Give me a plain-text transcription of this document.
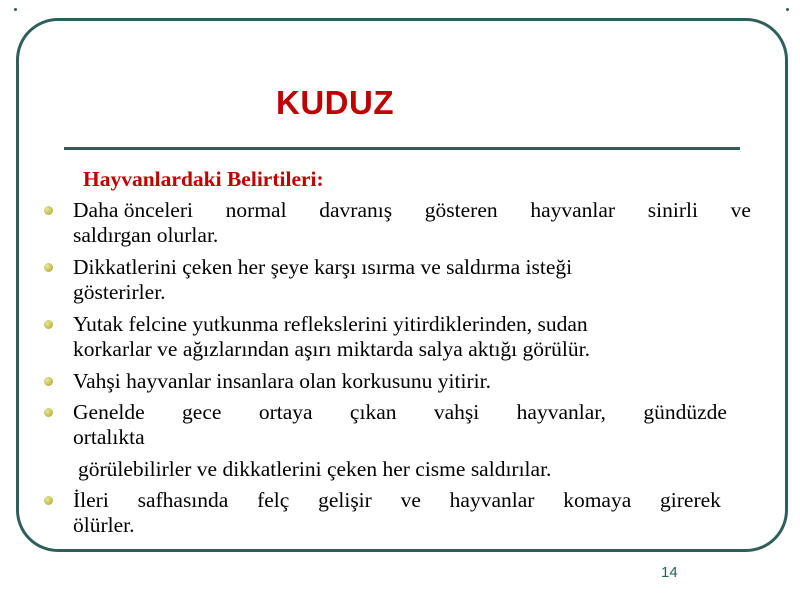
KUDUZ
Hayvanlardaki Belirtileri:
Daha önceleri normal davranış gösteren hayvanlar sinirli ve
saldırgan olurlar.
Dikkatlerini çeken her şeye karşı ısırma ve saldırma isteği
gösterirler.
Yutak felcine yutkunma reflekslerini yitirdiklerinden, sudan
korkarlar ve ağızlarından aşırı miktarda salya aktığı görülür.
Vahşi hayvanlar insanlara olan korkusunu yitirir.
Genelde gece ortaya çıkan vahşi hayvanlar, gündüzde
ortalıkta
görülebilirler ve dikkatlerini çeken her cisme saldırılar.
İleri safhasında felç gelişir ve hayvanlar komaya girerek
ölürler.
14
